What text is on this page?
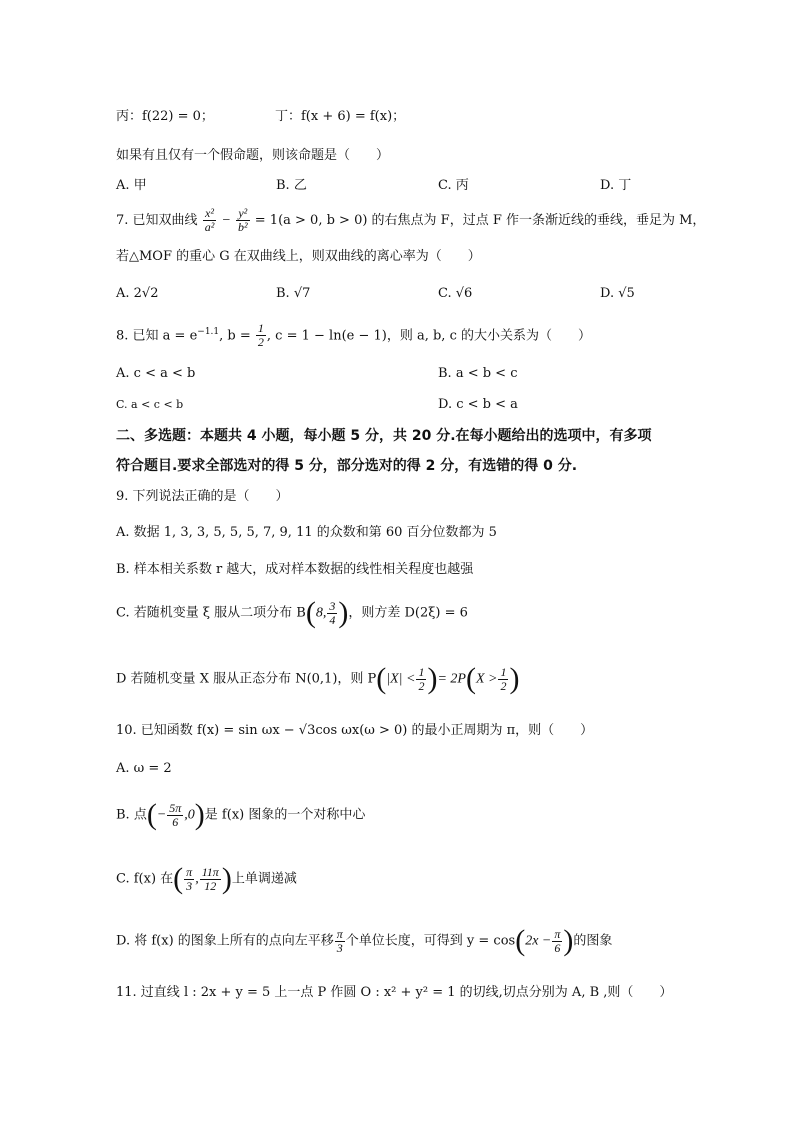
丙：f(22) = 0；	丁：f(x + 6) = f(x)；
如果有且仅有一个假命题，则该命题是（　　）
A. 甲	B. 乙	C. 丙	D. 丁
7. 已知双曲线 $\frac{\text{x²}}{\text{a²}} - \frac{\text{y²}}{\text{b²}} = 1(a > 0$, b > 0) 的右焦点为 F，过点 F 作一条渐近线的垂线，垂足为 M，
若△MOF 的重心 G 在双曲线上，则双曲线的离心率为（　　）
A. 2√2	B. √7	C. √6	D. √5
8. 已知 $a = e^{-1.1}$, $b = \frac{1}{2}$ , c = 1 − ln(e − 1)，则 a, b, c 的大小关系为（　　）
A. c < a < b	B. a < b < c
C. a < c < b	D. c < b < a
二、多选题：本题共 4 小题，每小题 5 分，共 20 分.在每小题给出的选项中，有多项
符合题目.要求全部选对的得 5 分，部分选对的得 2 分，有选错的得 0 分.
9. 下列说法正确的是（　　）
A. 数据 1, 3, 3, 5, 5, 5, 7, 9, 11 的众数和第 60 百分位数都为 5
B. 样本相关系数 r 越大，成对样本数据的线性相关程度也越强
C. 若随机变量 ξ 服从二项分布 B(8, $\frac{3}{4}$ )，则方差 D(2ξ) = 6
D 若随机变量 X 服从正态分布 N(0,1)，则 $P(|X| < \frac{1}{2}$ )= $2P(X > \frac{1}{2}$ )
10. 已知函数 f(x) = sin ωx − √3cos ωx(ω > 0) 的最小正周期为 π，则（　　）
A. ω = 2
B. 点(− $\frac{5\pi}{6} ,0$)是 f(x) 图象的一个对称中心
C. f(x) 在( $\frac{\pi}{3}$ , $\frac{11\pi}{12}$ )上单调递减
D. 将 f(x) 的图象上所有的点向左平移 $\frac{\pi}{3}$ 个单位长度，可得到 $y = \cos(2x - \frac{\pi}{6}$ )的图象
11. 过直线 l : 2x + y = 5 上一点 P 作圆 O : x² + y² = 1 的切线,切点分别为 A, B ,则（　　）
